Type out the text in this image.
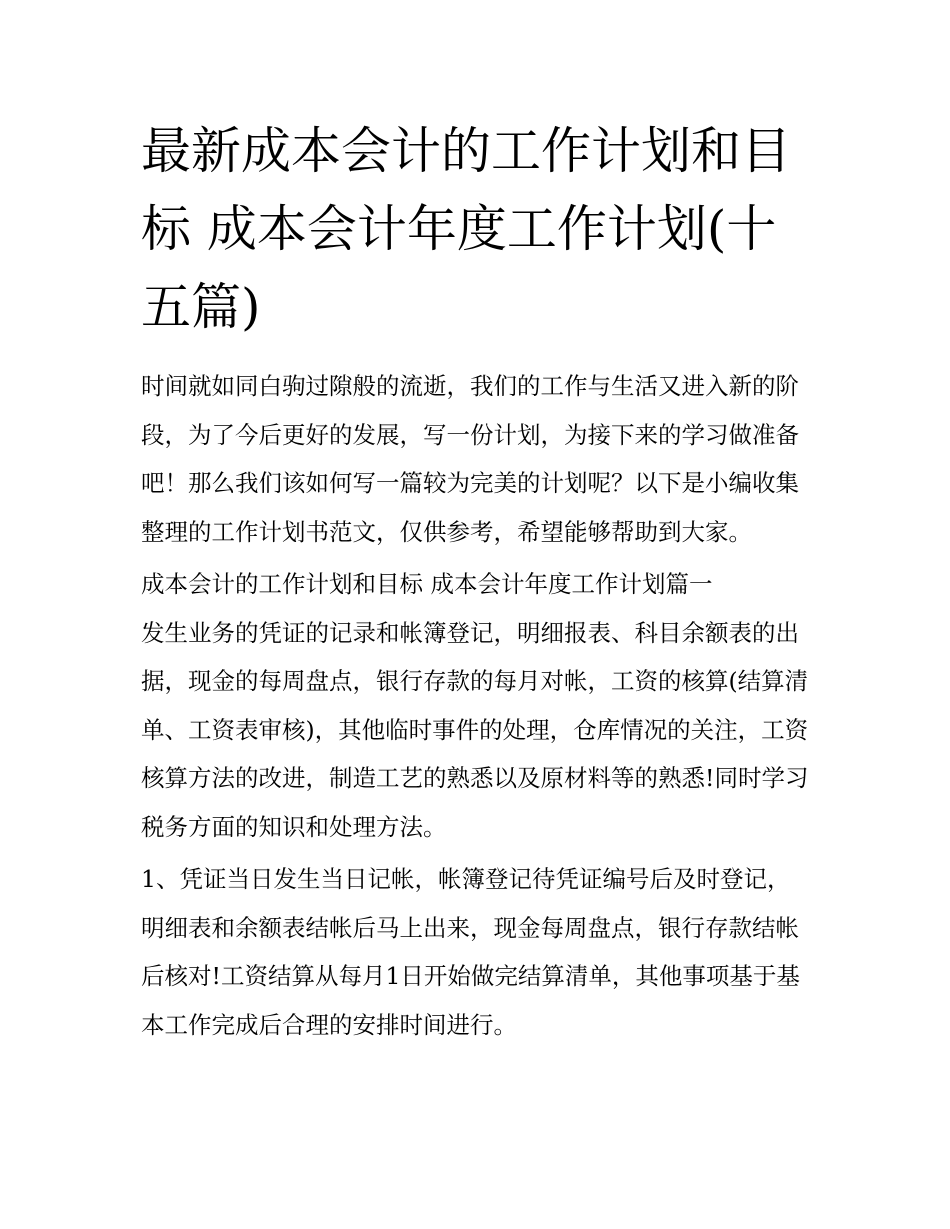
最新成本会计的工作计划和目标 成本会计年度工作计划(十五篇)

时间就如同白驹过隙般的流逝，我们的工作与生活又进入新的阶段，为了今后更好的发展，写一份计划，为接下来的学习做准备吧！那么我们该如何写一篇较为完美的计划呢？以下是小编收集整理的工作计划书范文，仅供参考，希望能够帮助到大家。

成本会计的工作计划和目标 成本会计年度工作计划篇一

发生业务的凭证的记录和帐簿登记，明细报表、科目余额表的出据，现金的每周盘点，银行存款的每月对帐，工资的核算(结算清单、工资表审核)，其他临时事件的处理，仓库情况的关注，工资核算方法的改进，制造工艺的熟悉以及原材料等的熟悉!同时学习税务方面的知识和处理方法。

1、凭证当日发生当日记帐，帐簿登记待凭证编号后及时登记，明细表和余额表结帐后马上出来，现金每周盘点，银行存款结帐后核对!工资结算从每月1日开始做完结算清单，其他事项基于基本工作完成后合理的安排时间进行。
